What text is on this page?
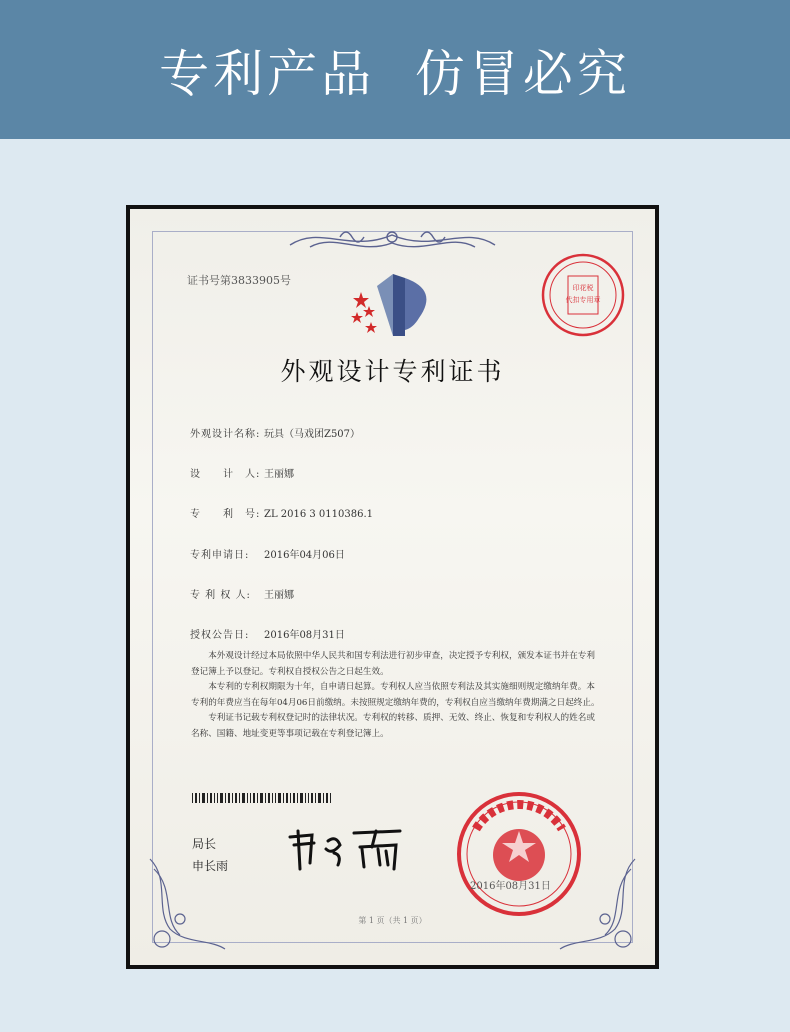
专利产品  仿冒必究
证书号第3833905号
外观设计专利证书
外观设计名称: 玩具（马戏团Z507）
设　　计　人: 王丽娜
专　　利　号: ZL 2016 3 0110386.1
专利申请日: 2016年04月06日
专 利 权 人: 王丽娜
授权公告日: 2016年08月31日

本外观设计经过本局依照中华人民共和国专利法进行初步审查，决定授予专利权，颁发本证书并在专利登记簿上予以登记。专利权自授权公告之日起生效。

本专利的专利权期限为十年，自申请日起算。专利权人应当依照专利法及其实施细则规定缴纳年费。本专利的年费应当在每年04月06日前缴纳。未按照规定缴纳年费的，专利权自应当缴纳年费期满之日起终止。

专利证书记载专利权登记时的法律状况。专利权的转移、质押、无效、终止、恢复和专利权人的姓名或名称、国籍、地址变更等事项记载在专利登记簿上。

局长
申长雨
印花税
代扣专用章
2016年08月31日
第 1 页（共 1 页）
